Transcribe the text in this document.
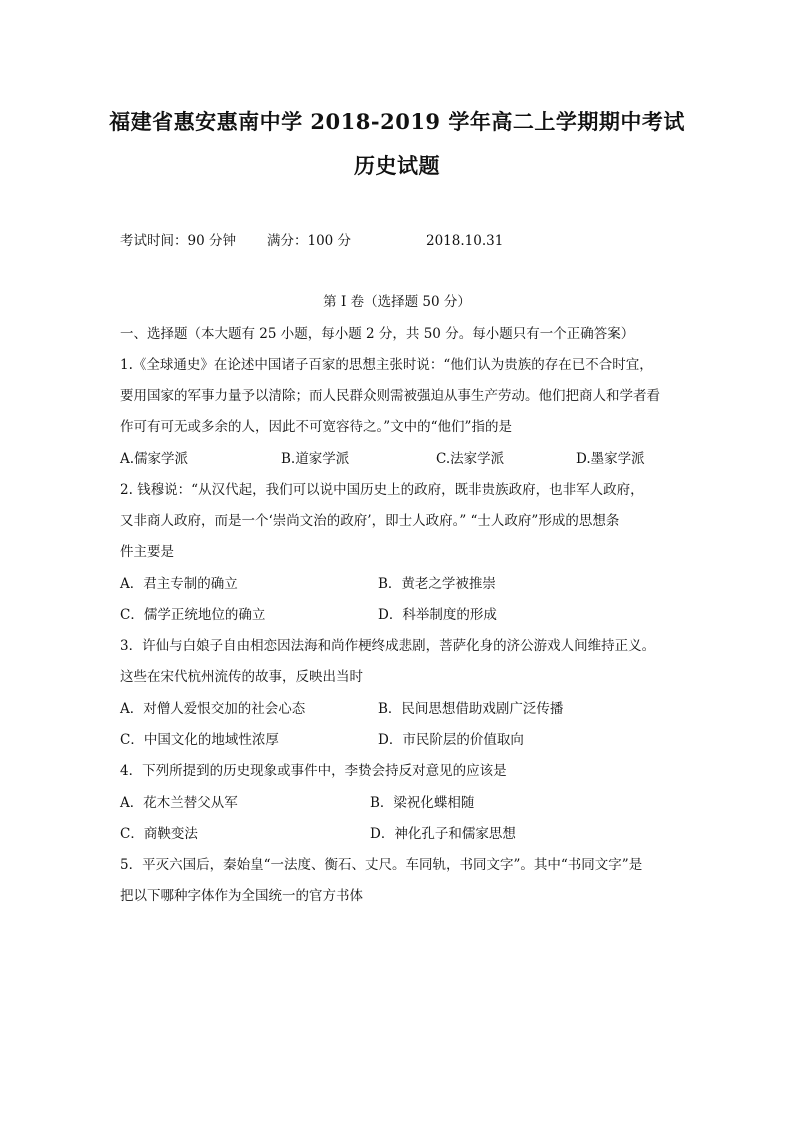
福建省惠安惠南中学 2018-2019 学年高二上学期期中考试
历史试题
考试时间：90 分钟 满分：100 分	2018.10.31
第 I 卷（选择题 50 分）
一、选择题（本大题有 25 小题，每小题 2 分，共 50 分。每小题只有一个正确答案）
1.《全球通史》在论述中国诸子百家的思想主张时说：“他们认为贵族的存在已不合时宜，
要用国家的军事力量予以清除；而人民群众则需被强迫从事生产劳动。他们把商人和学者看
作可有可无或多余的人，因此不可宽容待之。”文中的“他们”指的是
A.儒家学派	B.道家学派	C.法家学派	D.墨家学派
2. 钱穆说：“从汉代起，我们可以说中国历史上的政府，既非贵族政府，也非军人政府，
又非商人政府，而是一个‘崇尚文治的政府’，即士人政府。” “士人政府”形成的思想条
件主要是
A．君主专制的确立	B．黄老之学被推崇
C．儒学正统地位的确立	D．科举制度的形成
3．许仙与白娘子自由相恋因法海和尚作梗终成悲剧，菩萨化身的济公游戏人间维持正义。
这些在宋代杭州流传的故事，反映出当时
A．对僧人爱恨交加的社会心态	B．民间思想借助戏剧广泛传播
C．中国文化的地域性浓厚	D．市民阶层的价值取向
4．下列所提到的历史现象或事件中，李贽会持反对意见的应该是
A．花木兰替父从军	B．梁祝化蝶相随
C．商鞅变法	D．神化孔子和儒家思想
5．平灭六国后，秦始皇“一法度、衡石、丈尺。车同轨，书同文字”。其中“书同文字”是
把以下哪种字体作为全国统一的官方书体
